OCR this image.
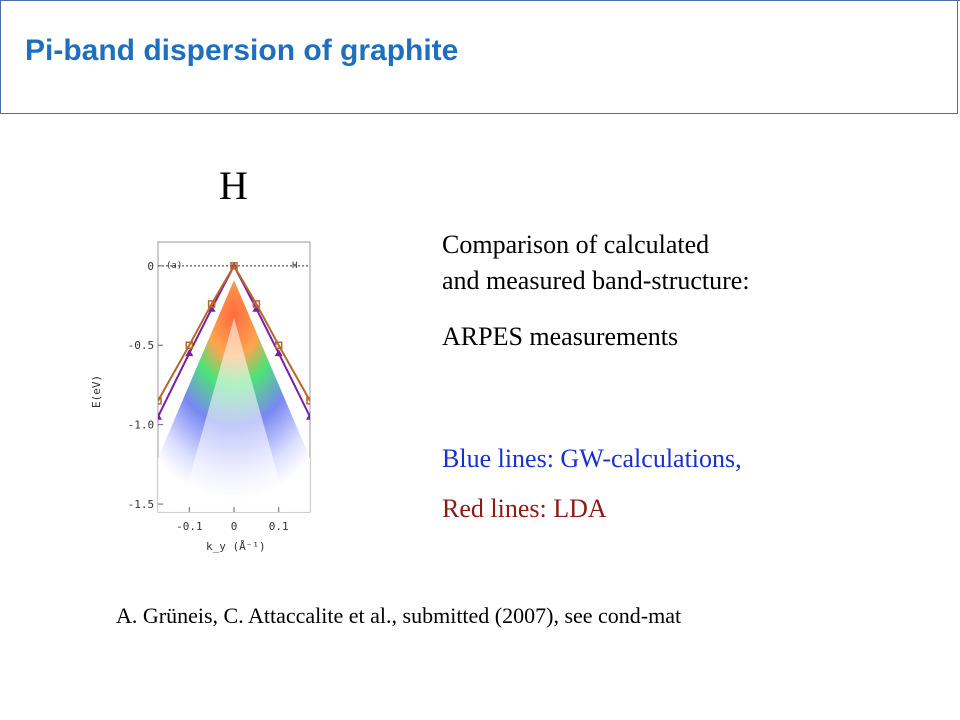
Pi-band dispersion of graphite
H
-0.1	0	0.1
0
-0.5
-1.0
-1.5
(a)	H
E(eV)
k_y (Å⁻¹)
Comparison of calculated
and measured band-structure:
ARPES measurements
Blue lines: GW-calculations,
Red lines: LDA
A. Grüneis, C. Attaccalite et al., submitted (2007), see cond-mat
